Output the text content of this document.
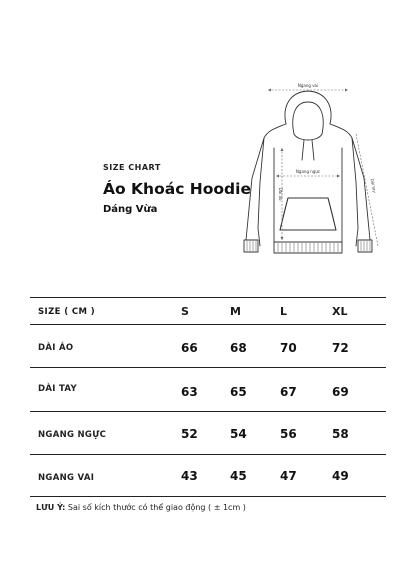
SIZE CHART
Áo Khoác Hoodie
Dáng Vừa
Ngang vai
Ngang ngực
Dài áo
Dài tay
SIZE ( CM )	S	M	L	XL
DÀI ÁO	66	68	70	72
DÀI TAY	63	65	67	69
NGANG NGỰC	52	54	56	58
NGANG VAI	43	45	47	49
LƯU Ý: Sai số kích thước có thể giao động ( ± 1cm )
